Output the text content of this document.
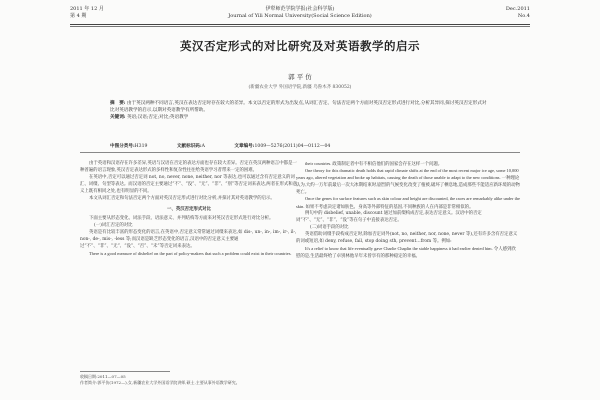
2011 年 12 月
第 4 期
伊犁师范学院学报(社会科学版)
Journal of Yili Normal University(Social Science Edition)
Dec.2011
No.4
英汉否定形式的对比研究及对英语教学的启示
郭 平 仿
(新疆农业大学 外国语学院,新疆 乌鲁木齐 830052)
摘　要: 由于英汉两种不同语言,英汉在表达否定时存在较大的差异。本文以否定的形式为出发点,从词汇否定、句法否定两个方面对英汉否定形式进行对比,分析其异同,探讨英汉否定形式对比对英语教学的启示,以期对英语教学有所帮助。
关键词: 英语;汉语;否定;对比;英语教学
中图分类号:H319	文献标识码:A	文章编号:1009—5276(2011)04—0112—04

由于英语和汉语存在许多差异,英语与汉语在否定的表达方面也存在较大差异。否定在英汉两种语言中都是一种普遍的语言现象,英汉否定表达形式的多样性和复杂性往往给英语学习者带来一定的困难。

在英语中,否定可以通过否定词 not, no, never, none, neither, nor 等表达,也可以通过含有否定意义的词汇、词缀、句型等表达。而汉语的否定主要通过“不”、“没”、“无”、“非”、“别”等否定词来表达,两者在形式和意义上既有相同之处,也有明显的不同。

本文从词汇否定和句法否定两个方面对英汉否定形式进行对比分析,并探讨其对英语教学的启示。

一、英汉否定形式对比

下面主要从形态变化、词法手段、语法意义、并列结构等方面来对英汉否定形式进行对比分析。

(一)词汇否定的对比

英语是有比较丰富的形态变化的语言,在英语中,否定意义常常通过词缀来表达,如 dis-, un-, in-, im-, ir-, il-, non-, de-, mis-, -less 等;而汉语是缺乏形态变化的语言,汉语中的否定意义主要通过“不”、“非”、“无”、“没”、“否”、“未”等否定词来表达。

There is a good measure of disbelief on the part of policy-makers that such a problem could exist in their countries.

their countries. 政策制定者中有不相信他们的国家会存在这样一个问题。

One theory for this dramatic death holds that rapid climate shifts at the end of the most recent major ice age, some 10,000 years ago, altered vegetation and broke up habitats, causing the death of those unable to adapt to the new conditions. 一种理论认为,大约一万年前最后一次大冰期结束时,剧烈的气候变化改变了植被,破坏了栖息地,造成那些不能适应新环境的动物死亡。

Once the genes for surface features such as skin colour and height are discounted, the races are remarkably alike under the skin. 如果不考虑决定诸如肤色、身高等外部特征的基因,不同种族的人在内部是非常相似的。

例句中的 disbelief, unable, discount 通过加前缀构成否定,表达否定意义。汉语中的否定词“不”、“无”、“非”、“没”等在句子中直接表达否定。

(二)词语手段的对比

英语借助词缀手段构成否定时,除加否定词外(not, no, neither, nor, none, never 等),还有许多含有否定意义的词或短语,如 deny, refuse, fail, stop doing sth, prevent…from 等。例如:

It's a relief to know that life eventually gave Charlie Chaplin the stable happiness it had earlier denied him. 令人感到欣慰的是,生活最终给了卓别林他早年未曾享有的那种稳定的幸福。

收稿日期:2011—07—05
作者简介:郭平仿(1972—),女,新疆农业大学外国语学院讲师,硕士,主要从事外语教学研究。
